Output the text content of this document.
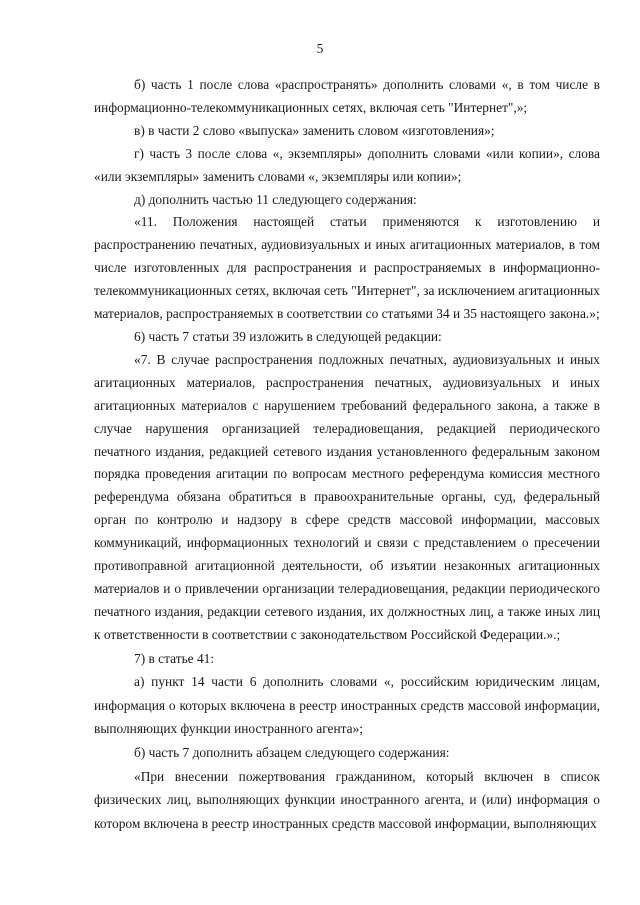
5

б) часть 1 после слова «распространять» дополнить словами «, в том числе в информационно-телекоммуникационных сетях, включая сеть "Интернет",»;

в) в части 2 слово «выпуска» заменить словом «изготовления»;

г) часть 3 после слова «, экземпляры» дополнить словами «или копии», слова «или экземпляры» заменить словами «, экземпляры или копии»;

д) дополнить частью 11 следующего содержания:

«11. Положения настоящей статьи применяются к изготовлению и распространению печатных, аудиовизуальных и иных агитационных материалов, в том числе изготовленных для распространения и распространяемых в информационно-телекоммуникационных сетях, включая сеть "Интернет", за исключением агитационных материалов, распространяемых в соответствии со статьями 34 и 35 настоящего закона.»;

6) часть 7 статьи 39 изложить в следующей редакции:

«7. В случае распространения подложных печатных, аудиовизуальных и иных агитационных материалов, распространения печатных, аудиовизуальных и иных агитационных материалов с нарушением требований федерального закона, а также в случае нарушения организацией телерадиовещания, редакцией периодического печатного издания, редакцией сетевого издания установленного федеральным законом порядка проведения агитации по вопросам местного референдума комиссия местного референдума обязана обратиться в правоохранительные органы, суд, федеральный орган по контролю и надзору в сфере средств массовой информации, массовых коммуникаций, информационных технологий и связи с представлением о пресечении противоправной агитационной деятельности, об изъятии незаконных агитационных материалов и о привлечении организации телерадиовещания, редакции периодического печатного издания, редакции сетевого издания, их должностных лиц, а также иных лиц к ответственности в соответствии с законодательством Российской Федерации.».;

7) в статье 41:

а) пункт 14 части 6 дополнить словами «, российским юридическим лицам, информация о которых включена в реестр иностранных средств массовой информации, выполняющих функции иностранного агента»;

б) часть 7 дополнить абзацем следующего содержания:

«При внесении пожертвования гражданином, который включен в список физических лиц, выполняющих функции иностранного агента, и (или) информация о котором включена в реестр иностранных средств массовой информации, выполняющих
